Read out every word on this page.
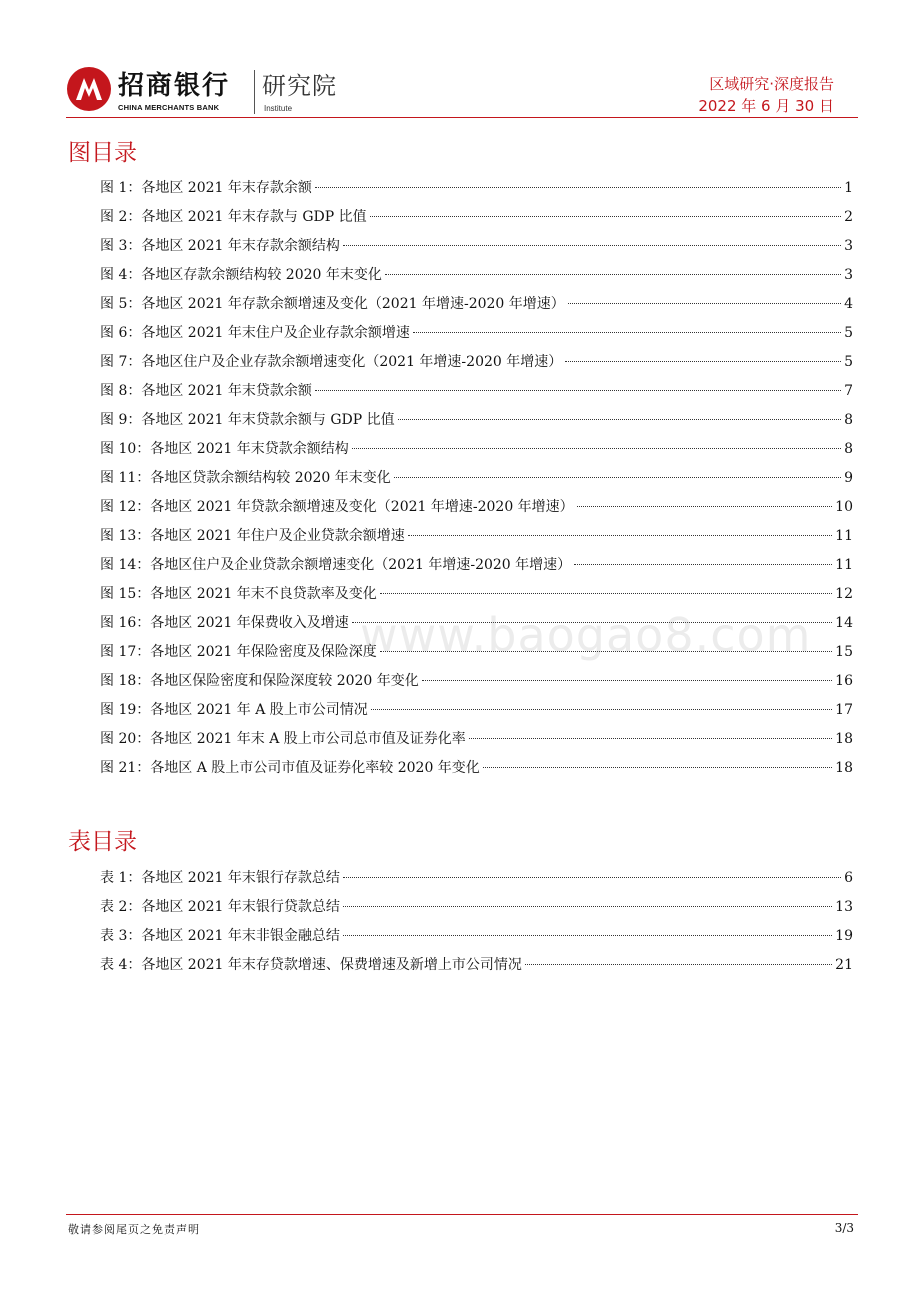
招商银行
CHINA MERCHANTS BANK
研究院
Institute
区域研究·深度报告
2022 年 6 月 30 日
图目录
图 1：各地区 2021 年末存款余额	1
图 2：各地区 2021 年末存款与 GDP 比值	2
图 3：各地区 2021 年末存款余额结构	3
图 4：各地区存款余额结构较 2020 年末变化	3
图 5：各地区 2021 年存款余额增速及变化（2021 年增速-2020 年增速）	4
图 6：各地区 2021 年末住户及企业存款余额增速	5
图 7：各地区住户及企业存款余额增速变化（2021 年增速-2020 年增速）	5
图 8：各地区 2021 年末贷款余额	7
图 9：各地区 2021 年末贷款余额与 GDP 比值	8
图 10：各地区 2021 年末贷款余额结构	8
图 11：各地区贷款余额结构较 2020 年末变化	9
图 12：各地区 2021 年贷款余额增速及变化（2021 年增速-2020 年增速）	10
图 13：各地区 2021 年住户及企业贷款余额增速	11
图 14：各地区住户及企业贷款余额增速变化（2021 年增速-2020 年增速）	11
图 15：各地区 2021 年末不良贷款率及变化	12
图 16：各地区 2021 年保费收入及增速	14
图 17：各地区 2021 年保险密度及保险深度	15
图 18：各地区保险密度和保险深度较 2020 年变化	16
图 19：各地区 2021 年 A 股上市公司情况	17
图 20：各地区 2021 年末 A 股上市公司总市值及证券化率	18
图 21：各地区 A 股上市公司市值及证券化率较 2020 年变化	18
表目录
表 1：各地区 2021 年末银行存款总结	6
表 2：各地区 2021 年末银行贷款总结	13
表 3：各地区 2021 年末非银金融总结	19
表 4：各地区 2021 年末存贷款增速、保费增速及新增上市公司情况	21
www.baogao8.com
敬请参阅尾页之免责声明	3/3
